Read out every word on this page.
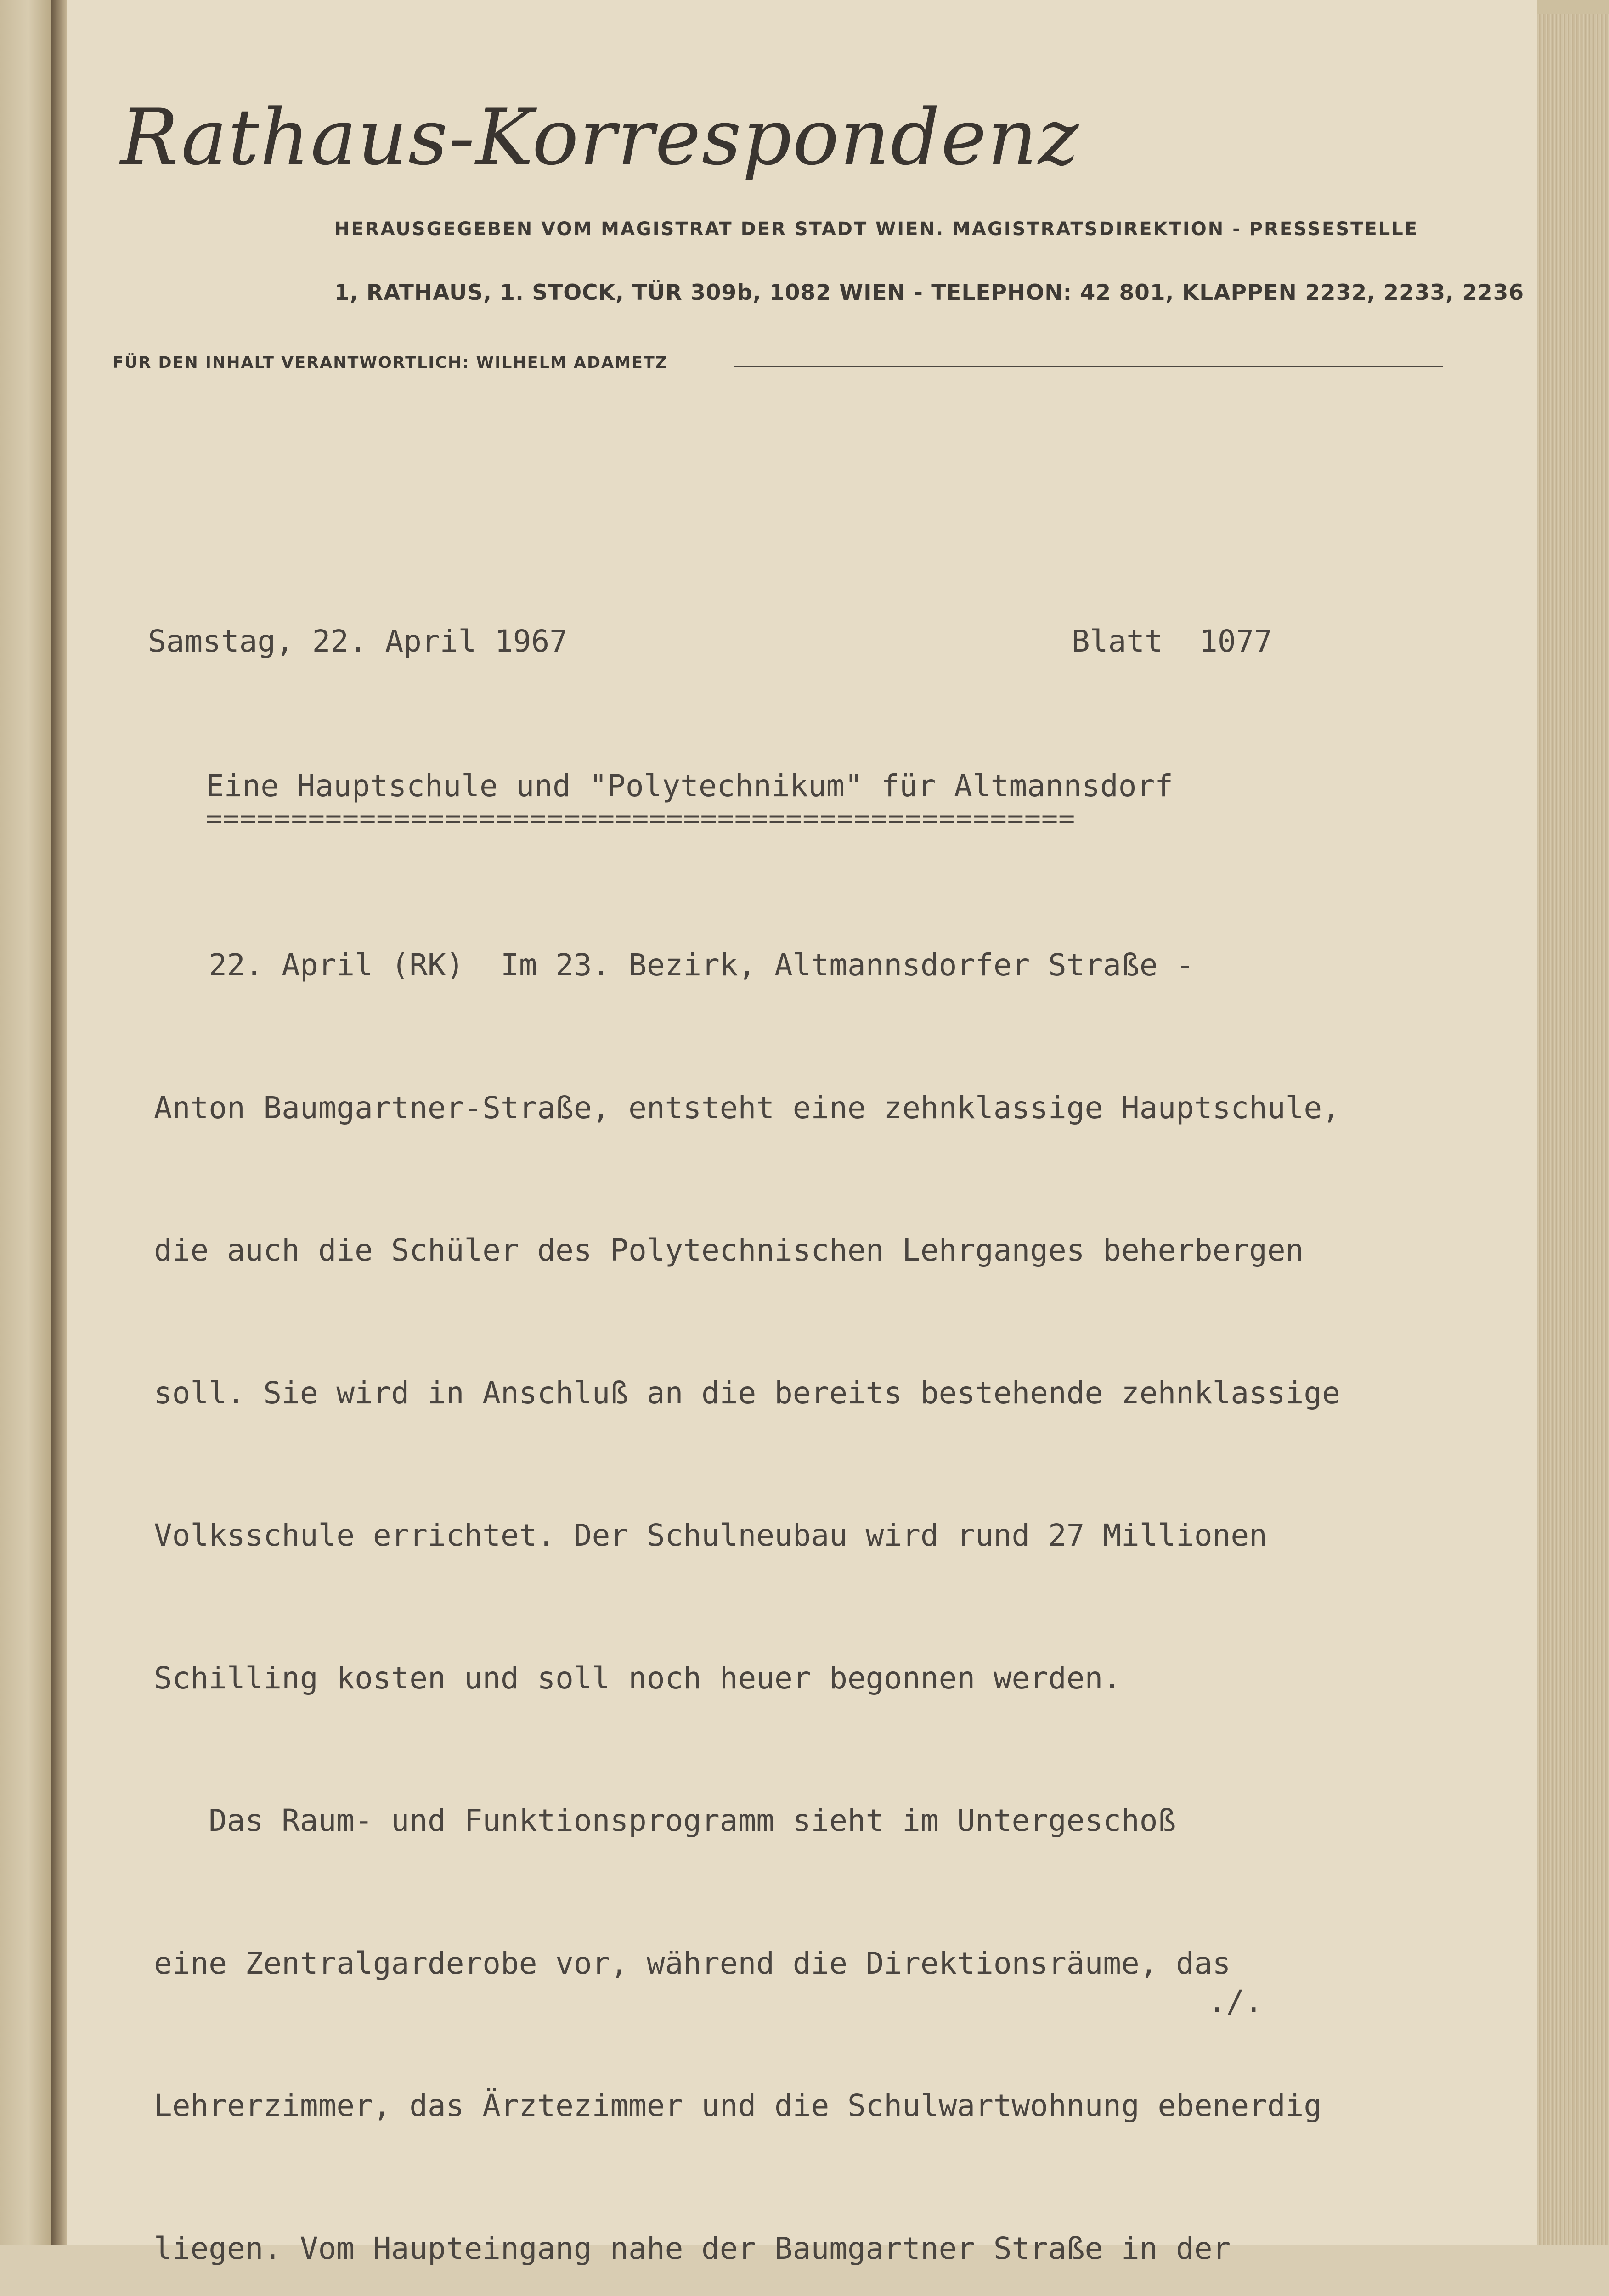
Rathaus-Korrespondenz
HERAUSGEGEBEN VOM MAGISTRAT DER STADT WIEN. MAGISTRATSDIREKTION - PRESSESTELLE
1, RATHAUS, 1. STOCK, TÜR 309b, 1082 WIEN - TELEPHON: 42 801, KLAPPEN 2232, 2233, 2236
FÜR DEN INHALT VERANTWORTLICH: WILHELM ADAMETZ
Samstag, 22. April 1967	Blatt  1077
Eine Hauptschule und "Polytechnikum" für Altmannsdorf
===================================================

22. April (RK)  Im 23. Bezirk, Altmannsdorfer Straße -

Anton Baumgartner-Straße, entsteht eine zehnklassige Hauptschule,

die auch die Schüler des Polytechnischen Lehrganges beherbergen

soll. Sie wird in Anschluß an die bereits bestehende zehnklassige

Volksschule errichtet. Der Schulneubau wird rund 27 Millionen

Schilling kosten und soll noch heuer begonnen werden.

Das Raum- und Funktionsprogramm sieht im Untergeschoß

eine Zentralgarderobe vor, während die Direktionsräume, das

Lehrerzimmer, das Ärztezimmer und die Schulwartwohnung ebenerdig

liegen. Vom Haupteingang nahe der Baumgartner Straße in der

./.
